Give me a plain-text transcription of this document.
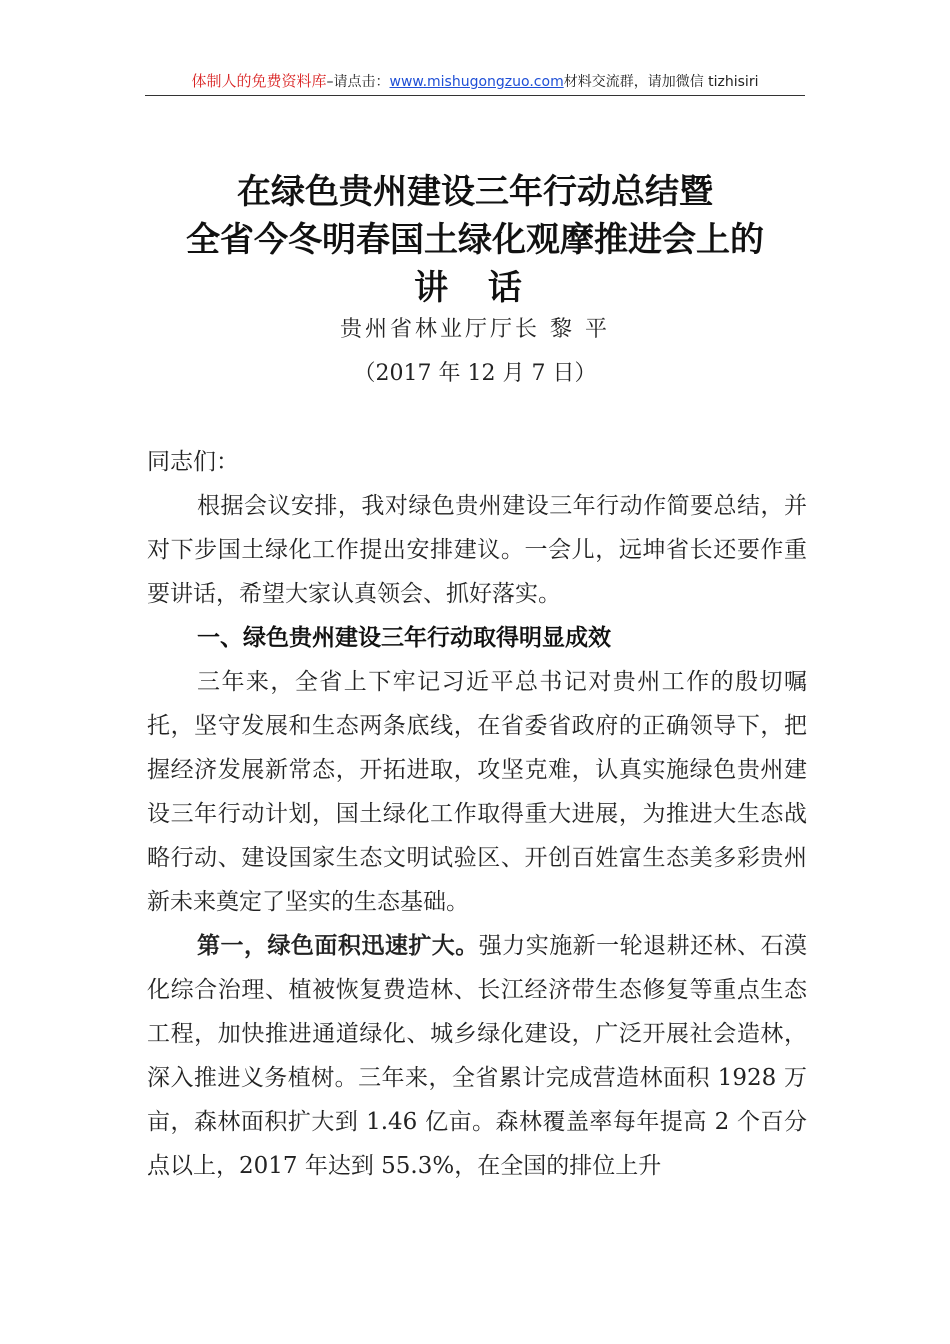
体制人的免费资料库–请点击：www.mishugongzuo.com材料交流群，请加微信 tizhisiri
在绿色贵州建设三年行动总结暨
全省今冬明春国土绿化观摩推进会上的
讲 话
贵州省林业厅厅长 黎 平
（2017 年 12 月 7 日）
同志们：

根据会议安排，我对绿色贵州建设三年行动作简要总结，并对下步国土绿化工作提出安排建议。一会儿，远坤省长还要作重要讲话，希望大家认真领会、抓好落实。

一、绿色贵州建设三年行动取得明显成效

三年来，全省上下牢记习近平总书记对贵州工作的殷切嘱托，坚守发展和生态两条底线，在省委省政府的正确领导下，把握经济发展新常态，开拓进取，攻坚克难，认真实施绿色贵州建设三年行动计划，国土绿化工作取得重大进展，为推进大生态战略行动、建设国家生态文明试验区、开创百姓富生态美多彩贵州新未来奠定了坚实的生态基础。

第一，绿色面积迅速扩大。强力实施新一轮退耕还林、石漠化综合治理、植被恢复费造林、长江经济带生态修复等重点生态工程，加快推进通道绿化、城乡绿化建设，广泛开展社会造林，深入推进义务植树。三年来，全省累计完成营造林面积 1928 万亩，森林面积扩大到 1.46 亿亩。森林覆盖率每年提高 2 个百分点以上，2017 年达到 55.3%，在全国的排位上升
